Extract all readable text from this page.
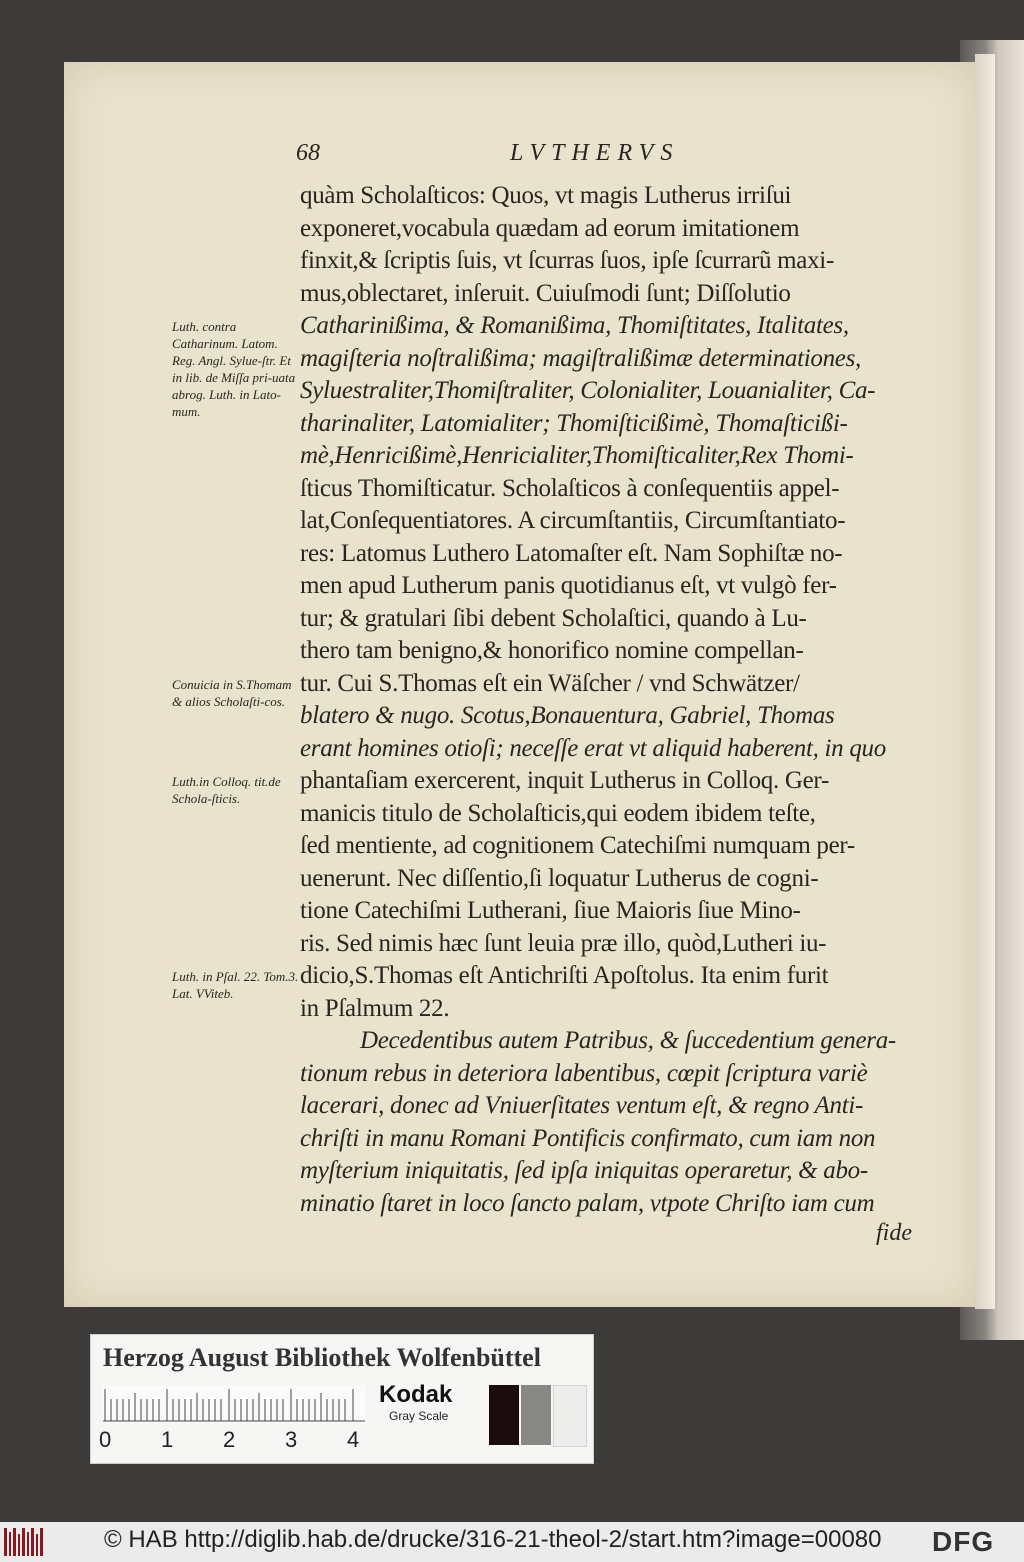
68	LVTHERVS
quàm Scholaſticos: Quos, vt magis Lutherus irriſui
exponeret,vocabula quædam ad eorum imitationem
finxit,& ſcriptis ſuis, vt ſcurras ſuos, ipſe ſcurrarũ maxi-
mus,oblectaret, inſeruit. Cuiuſmodi ſunt; Diſſolutio
Catharinißima, & Romanißima, Thomiſtitates, Italitates,
magiſteria noſtralißima; magiſtralißimæ determinationes,
Syluestraliter,Thomiſtraliter, Colonialiter, Louanialiter, Ca-
tharinaliter, Latomialiter; Thomiſticißimè, Thomaſticißi-
mè,Henricißimè,Henricialiter,Thomiſticaliter,Rex Thomi-
ſticus Thomiſticatur. Scholaſticos à conſequentiis appel-
lat,Conſequentiatores. A circumſtantiis, Circumſtantiato-
res: Latomus Luthero Latomaſter eſt. Nam Sophiſtæ no-
men apud Lutherum panis quotidianus eſt, vt vulgò fer-
tur; & gratulari ſibi debent Scholaſtici, quando à Lu-
thero tam benigno,& honorifico nomine compellan-
tur. Cui S.Thomas eſt ein Wäſcher / vnd Schwätzer/
blatero & nugo. Scotus,Bonauentura, Gabriel, Thomas
erant homines otioſi; neceſſe erat vt aliquid haberent, in quo
phantaſiam exercerent, inquit Lutherus in Colloq. Ger-
manicis titulo de Scholaſticis,qui eodem ibidem teſte,
ſed mentiente, ad cognitionem Catechiſmi numquam per-
uenerunt. Nec diſſentio,ſi loquatur Lutherus de cogni-
tione Catechiſmi Lutherani, ſiue Maioris ſiue Mino-
ris. Sed nimis hæc ſunt leuia præ illo, quòd,Lutheri iu-
dicio,S.Thomas eſt Antichriſti Apoſtolus. Ita enim furit
in Pſalmum 22.
Decedentibus autem Patribus, & ſuccedentium genera-
tionum rebus in deteriora labentibus, cœpit ſcriptura variè
lacerari, donec ad Vniuerſitates ventum eſt, & regno Anti-
chriſti in manu Romani Pontificis confirmato, cum iam non
fide
Luth. contra Catharinum. Latom. Reg. Angl. Sylue-ſtr. Et in lib. de Miſſa pri-uata abrog. Luth. in Lato-mum.
Conuicia in S.Thomam & alios Scholaſti-cos.
Luth.in Colloq. tit.de Schola-ſticis.
Luth. in Pſal. 22. Tom.3. Lat. VViteb.
Herzog August Bibliothek Wolfenbüttel
0 1 2 3 4
Kodak
Gray Scale
© HAB http://diglib.hab.de/drucke/316-21-theol-2/start.htm?image=00080 DFG
myſterium iniquitatis, ſed ipſa iniquitas operaretur, & abo-
minatio ſtaret in loco ſancto palam, vtpote Chriſto iam cum
